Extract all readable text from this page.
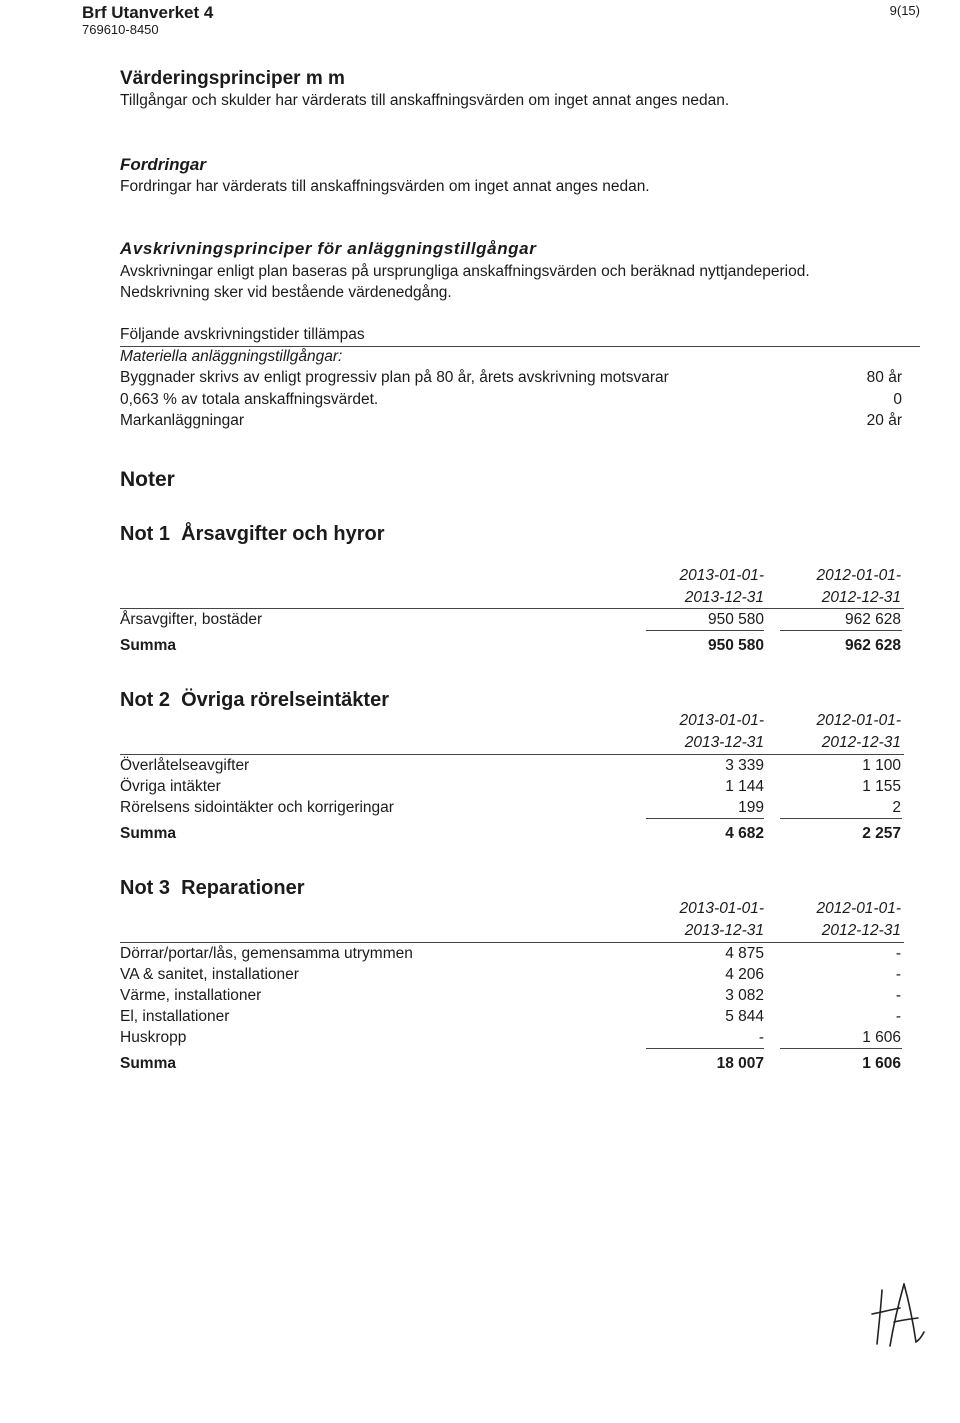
Brf Utanverket 4
769610-8450
9(15)
Värderingsprinciper m m
Tillgångar och skulder har värderats till anskaffningsvärden om inget annat anges nedan.
Fordringar
Fordringar har värderats till anskaffningsvärden om inget annat anges nedan.
Avskrivningsprinciper för anläggningstillgångar
Avskrivningar enligt plan baseras på ursprungliga anskaffningsvärden och beräknad nyttjandeperiod.
Nedskrivning sker vid bestående värdenedgång.
Följande avskrivningstider tillämpas
Materiella anläggningstillgångar:
Byggnader skrivs av enligt progressiv plan på 80 år, årets avskrivning motsvarar	80 år
0,663 % av totala anskaffningsvärdet.	0
Markanläggningar	20 år
Noter
Not 1 Årsavgifter och hyror
2013-01-01-	2012-01-01-
2013-12-31	2012-12-31
Årsavgifter, bostäder	950 580	962 628
Summa	950 580	962 628
Not 2 Övriga rörelseintäkter
2013-01-01-	2012-01-01-
2013-12-31	2012-12-31
Överlåtelseavgifter	3 339	1 100
Övriga intäkter	1 144	1 155
Rörelsens sidointäkter och korrigeringar	199	2
Summa	4 682	2 257
Not 3 Reparationer
2013-01-01-	2012-01-01-
2013-12-31	2012-12-31
Dörrar/portar/lås, gemensamma utrymmen	4 875	-
VA & sanitet, installationer	4 206	-
Värme, installationer	3 082	-
El, installationer	5 844	-
Huskropp	-	1 606
Summa	18 007	1 606
